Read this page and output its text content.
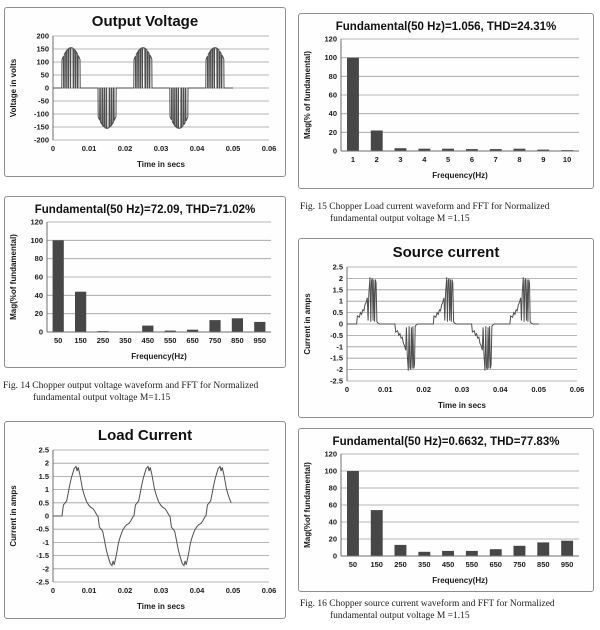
Output Voltage
-200
-150
-100
-50
0
50
100
150
200
0	0.01	0.02	0.03	0.04	0.05	0.06
Voltage in volts
Time in secs
Fundamental(50 Hz)=1.056, THD=24.31%
0
20
40
60
80
100
120
1	2	3	4	5	6	7	8	9 10
Mag(% of fundamental)
Frequency(Hz)
Fig. 15 Chopper Load current waveform and FFT for Normalized
fundamental output voltage M =1.15
Fundamental(50 Hz)=72.09, THD=71.02%
0
20
40
60
80
100
120
50 150 250 350 450 550 650 750 850 950
Mag(%of fundamental)
Frequency(Hz)
Fig. 14 Chopper output voltage waveform and FFT for Normalized
fundamental output voltage M=1.15
Source current
-2.5
-2
-1.5
-1
-0.5
0
0.5
1
1.5
2
2.5
0	0.01	0.02	0.03	0.04	0.05	0.06
Current in amps
Time in secs
Load Current
-2.5
-2
-1.5
-1
-0.5
0
0.5
1
1.5
2
2.5
0	0.01	0.02	0.03	0.04	0.05	0.06
Current in amps
Time in secs
Fundamental(50 Hz)=0.6632, THD=77.83%
0
20
40
60
80
100
120
50 150 250 350 450 550 650 750 850 950
Mag(%of fundamental)
Frequency(Hz)
Fig. 16 Chopper source current waveform and FFT for Normalized
fundamental output voltage M =1.15
